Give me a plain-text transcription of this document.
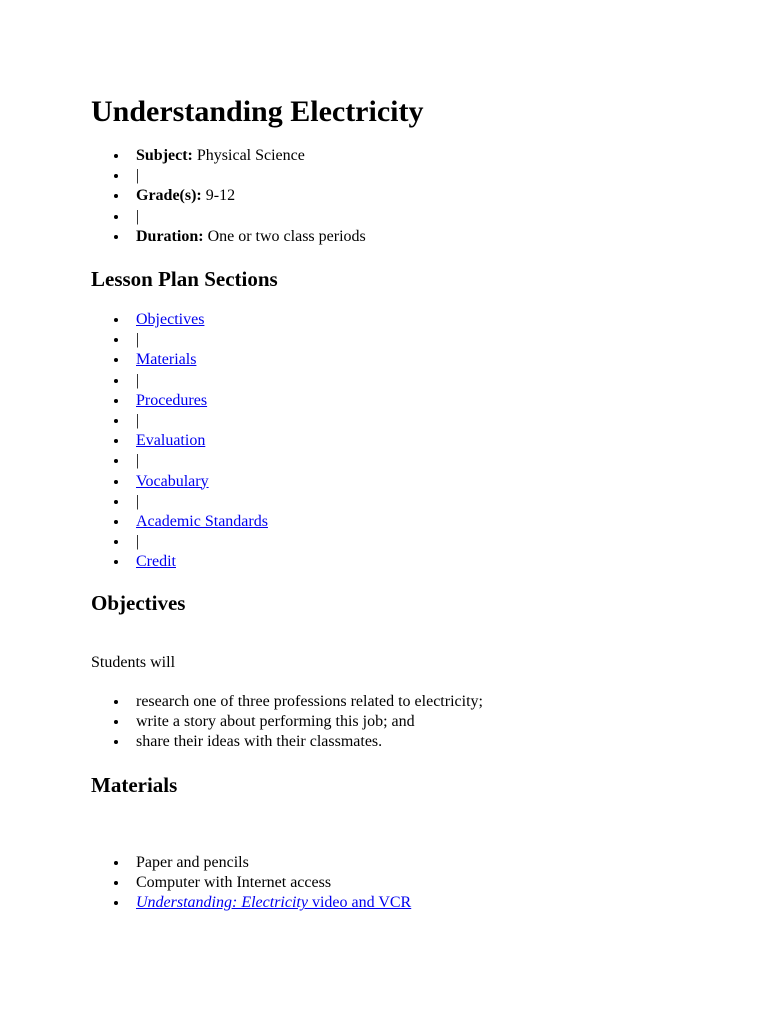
Understanding Electricity
Subject: Physical Science
|
Grade(s): 9-12
|
Duration: One or two class periods
Lesson Plan Sections
Objectives
|
Materials
|
Procedures
|
Evaluation
|
Vocabulary
|
Academic Standards
|
Credit
Objectives

Students will

research one of three professions related to electricity;
write a story about performing this job; and
share their ideas with their classmates.
Materials
Paper and pencils
Computer with Internet access
Understanding: Electricity video and VCR
